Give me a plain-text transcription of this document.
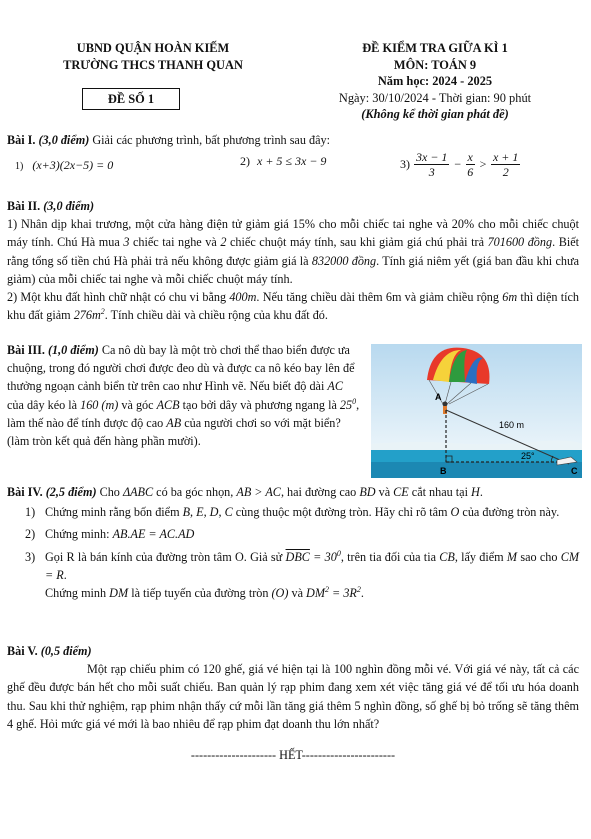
UBND QUẬN HOÀN KIẾM
TRƯỜNG THCS THANH QUAN
ĐỀ SỐ 1
ĐỀ KIỂM TRA GIỮA KÌ 1
MÔN: TOÁN 9
Năm học: 2024 - 2025
Ngày: 30/10/2024 - Thời gian: 90 phút
(Không kể thời gian phát đề)
Bài I. (3,0 điểm) Giải các phương trình, bất phương trình sau đây:
1) (x+3)(2x−5) = 0	2) x + 5 ≤ 3x − 9	$3) \frac{3x - 1}{3} - \frac{x}{6} > \frac{x + 1}{2}$
Bài II. (3,0 điểm)
1) Nhân dịp khai trương, một cửa hàng điện tử giảm giá 15% cho mỗi chiếc tai nghe và 20% cho mỗi chiếc chuột máy tính. Chú Hà mua 3 chiếc tai nghe và 2 chiếc chuột máy tính, sau khi giảm giá chú phải trả 701600 đồng. Biết rằng tổng số tiền chú Hà phải trả nếu không được giảm giá là 832000 đồng. Tính giá niêm yết (giá ban đầu khi chưa giảm) của mỗi chiếc tai nghe và mỗi chiếc chuột máy tính.
2) Một khu đất hình chữ nhật có chu vi bằng 400m. Nếu tăng chiều dài thêm 6m và giảm chiều rộng 6m thì diện tích khu đất giảm $276m^2$. Tính chiều dài và chiều rộng của khu đất đó.
Bài III. (1,0 điểm) Ca nô dù bay là một trò chơi thể thao biển được ưa chuộng, trong đó người chơi được đeo dù và được ca nô kéo bay lên để thưởng ngoạn cảnh biển từ trên cao như Hình vẽ. Nếu biết độ dài AC của dây kéo là 160 (m) và góc ACB tạo bởi dây và phương ngang là $25^0$, làm thế nào để tính được độ cao AB của người chơi so với mặt biển? (làm tròn kết quả đến hàng phần mười).
A
B	C
160 m
25°
Bài IV. (2,5 điểm) Cho ΔABC có ba góc nhọn, AB > AC, hai đường cao BD và CE cắt nhau tại H.
1) Chứng minh rằng bốn điểm B, E, D, C cùng thuộc một đường tròn. Hãy chỉ rõ tâm O của đường tròn này.
2) Chứng minh: AB.AE = AC.AD
3) Gọi R là bán kính của đường tròn tâm O. Giả sử $\overline{DBC} = 30^0$, trên tia đối của tia CB, lấy điểm M sao cho CM = R.
Chứng minh DM là tiếp tuyến của đường tròn (O) và $DM^2 = 3R^2$.
Bài V. (0,5 điểm)
Một rạp chiếu phim có 120 ghế, giá vé hiện tại là 100 nghìn đồng mỗi vé. Với giá vé này, tất cả các ghế đều được bán hết cho mỗi suất chiếu. Ban quản lý rạp phim đang xem xét việc tăng giá vé để tối ưu hóa doanh thu. Sau khi thử nghiệm, rạp phim nhận thấy cứ mỗi lần tăng giá thêm 5 nghìn đồng, số ghế bị bỏ trống sẽ tăng thêm 4 ghế. Hỏi mức giá vé mới là bao nhiêu để rạp phim đạt doanh thu lớn nhất?
--------------------- HẾT-----------------------
